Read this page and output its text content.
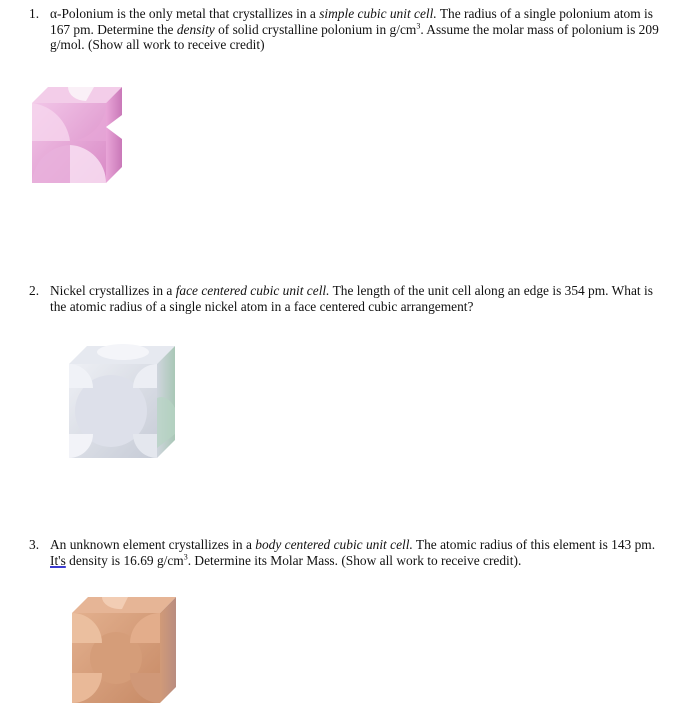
1. α-Polonium is the only metal that crystallizes in a simple cubic unit cell. The radius of a single polonium atom is 167 pm. Determine the density of solid crystalline polonium in $g/cm^3$. Assume the molar mass of polonium is 209 g/mol. (Show all work to receive credit)
2. Nickel crystallizes in a face centered cubic unit cell. The length of the unit cell along an edge is 354 pm. What is the atomic radius of a single nickel atom in a face centered cubic arrangement?
3. An unknown element crystallizes in a body centered cubic unit cell. The atomic radius of this element is 143 pm. It's density is 16.69 $g/cm^3$. Determine its Molar Mass. (Show all work to receive credit).
